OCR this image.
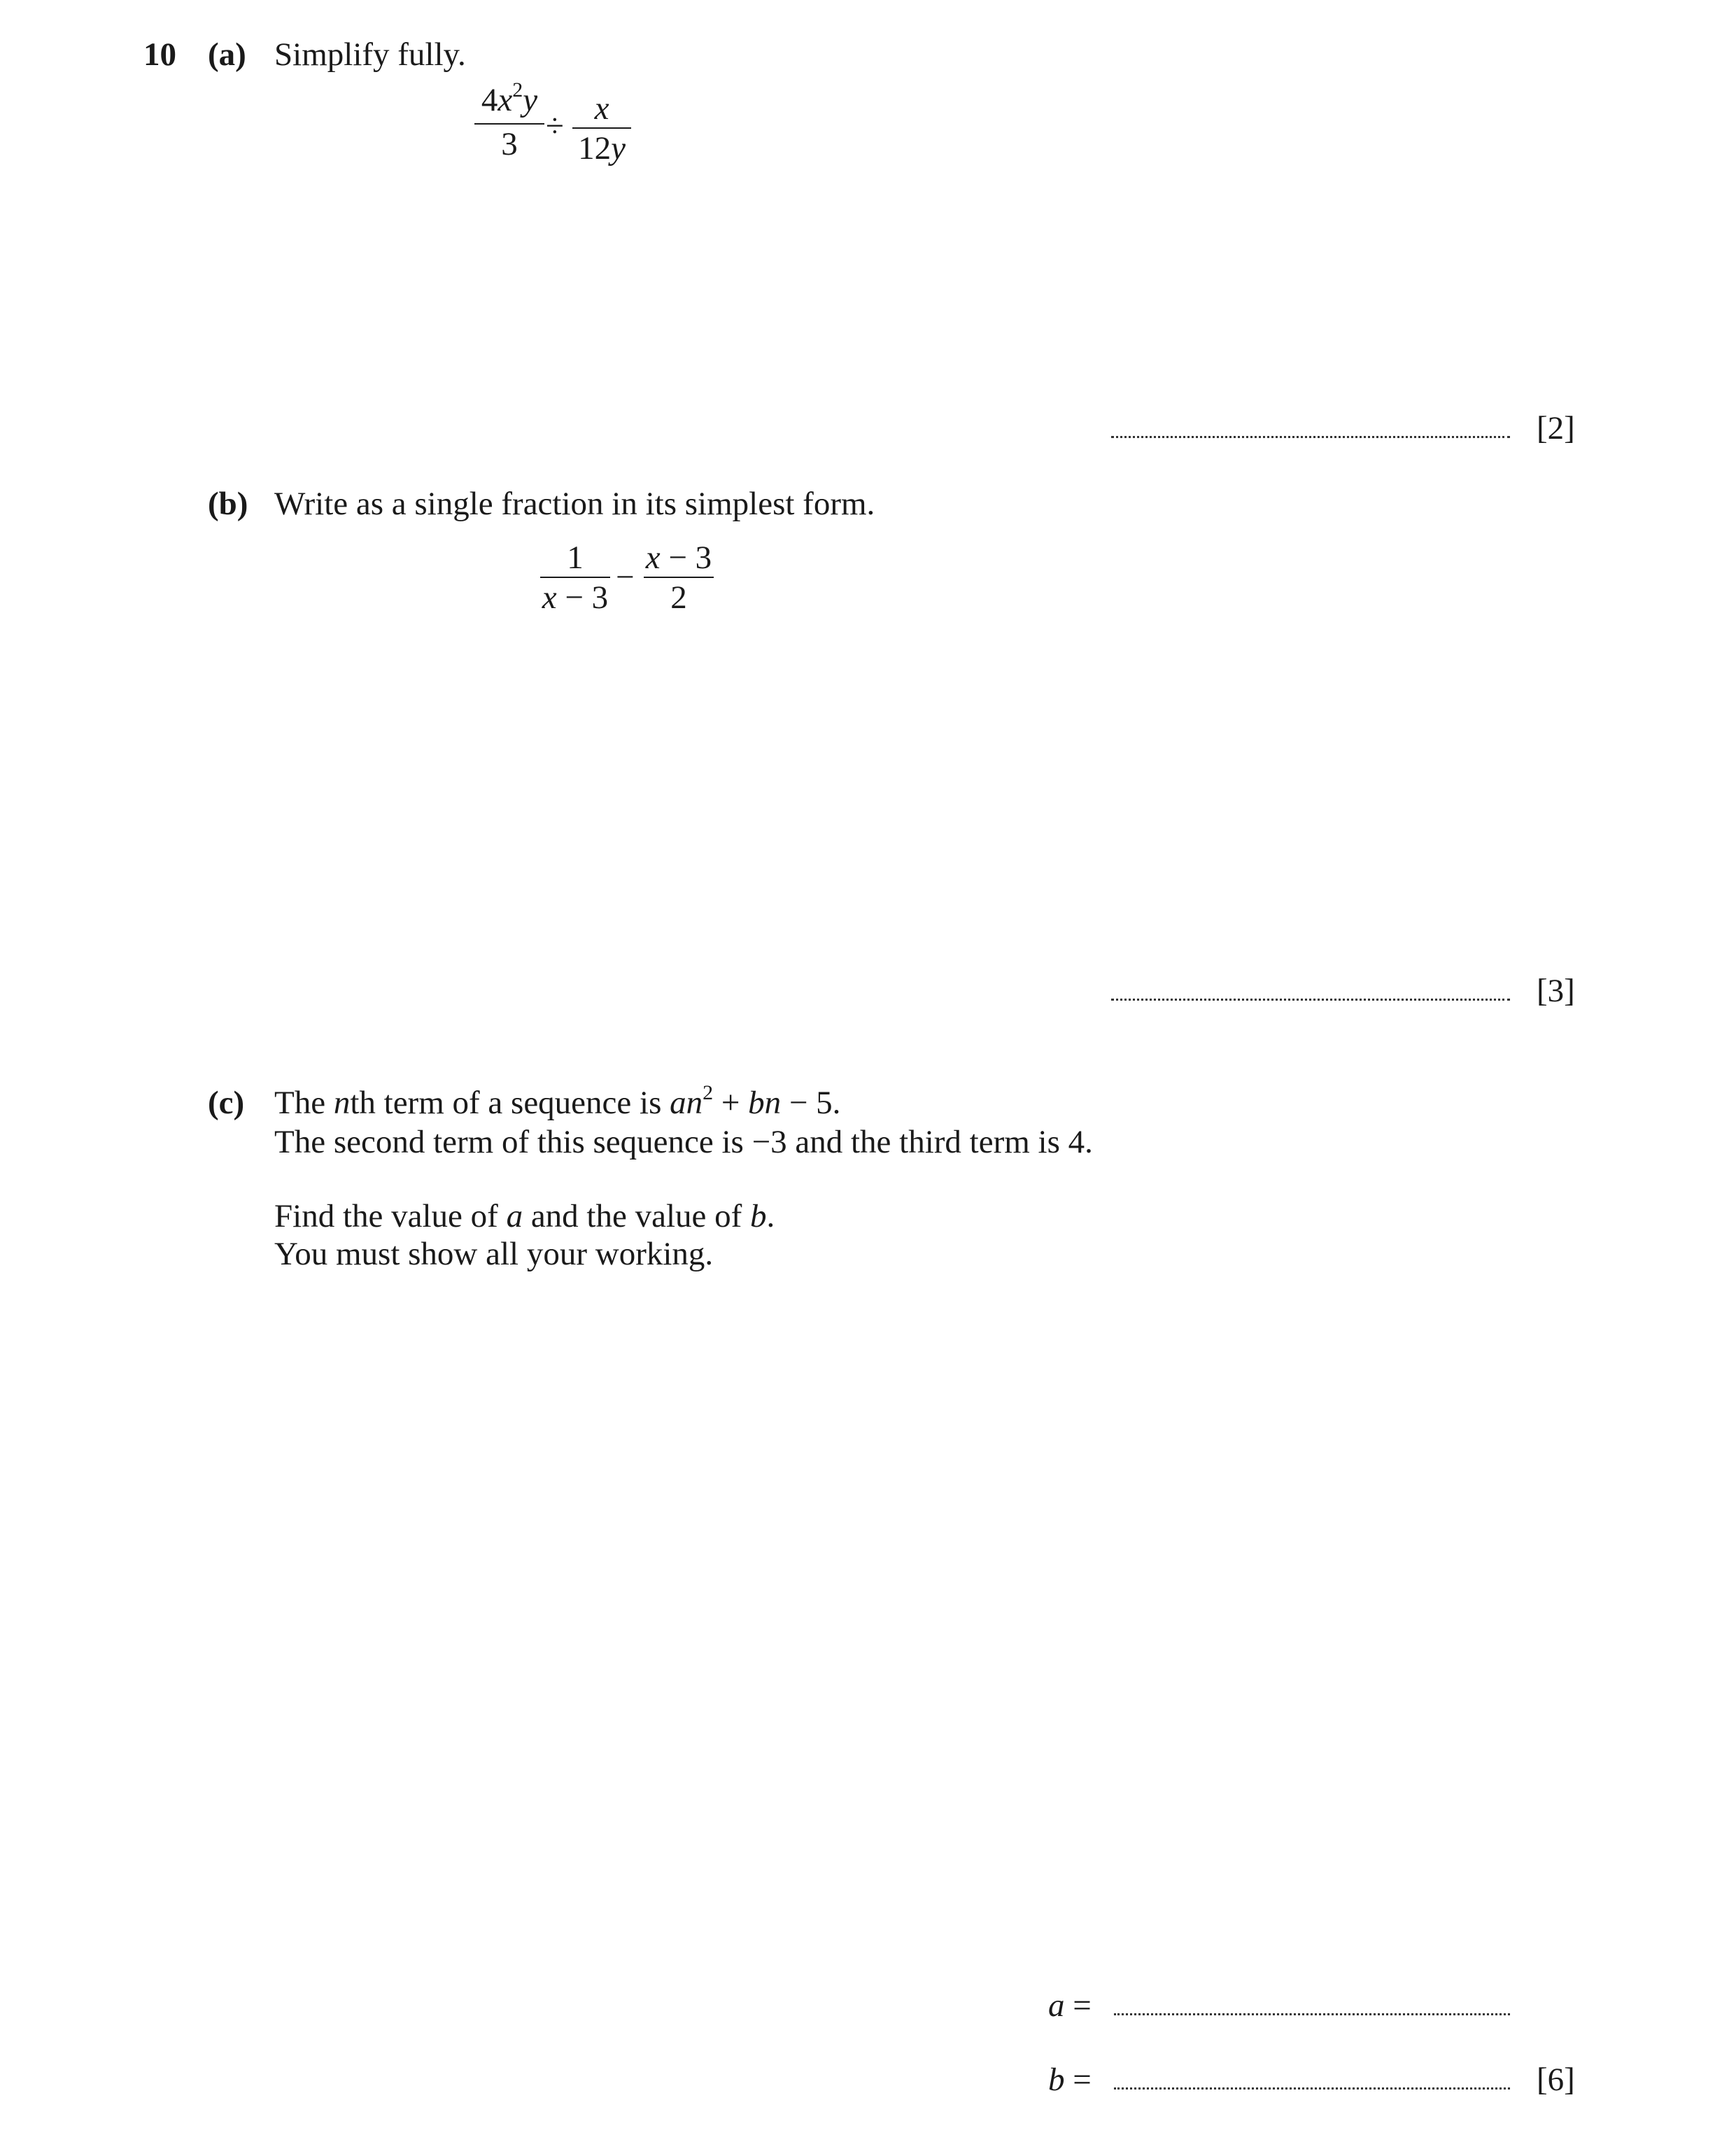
10 (a) Simplify fully.
$4x^2y$
3 ÷ x
12y
[2]
(b) Write as a single fraction in its simplest form.
1
x − 3
−
x − 3
2
[3]
(c) The nth term of a sequence is $an^2$ + bn − 5.
The second term of this sequence is −3 and the third term is 4.
Find the value of a and the value of b.
You must show all your working.
a =
b =	[6]
